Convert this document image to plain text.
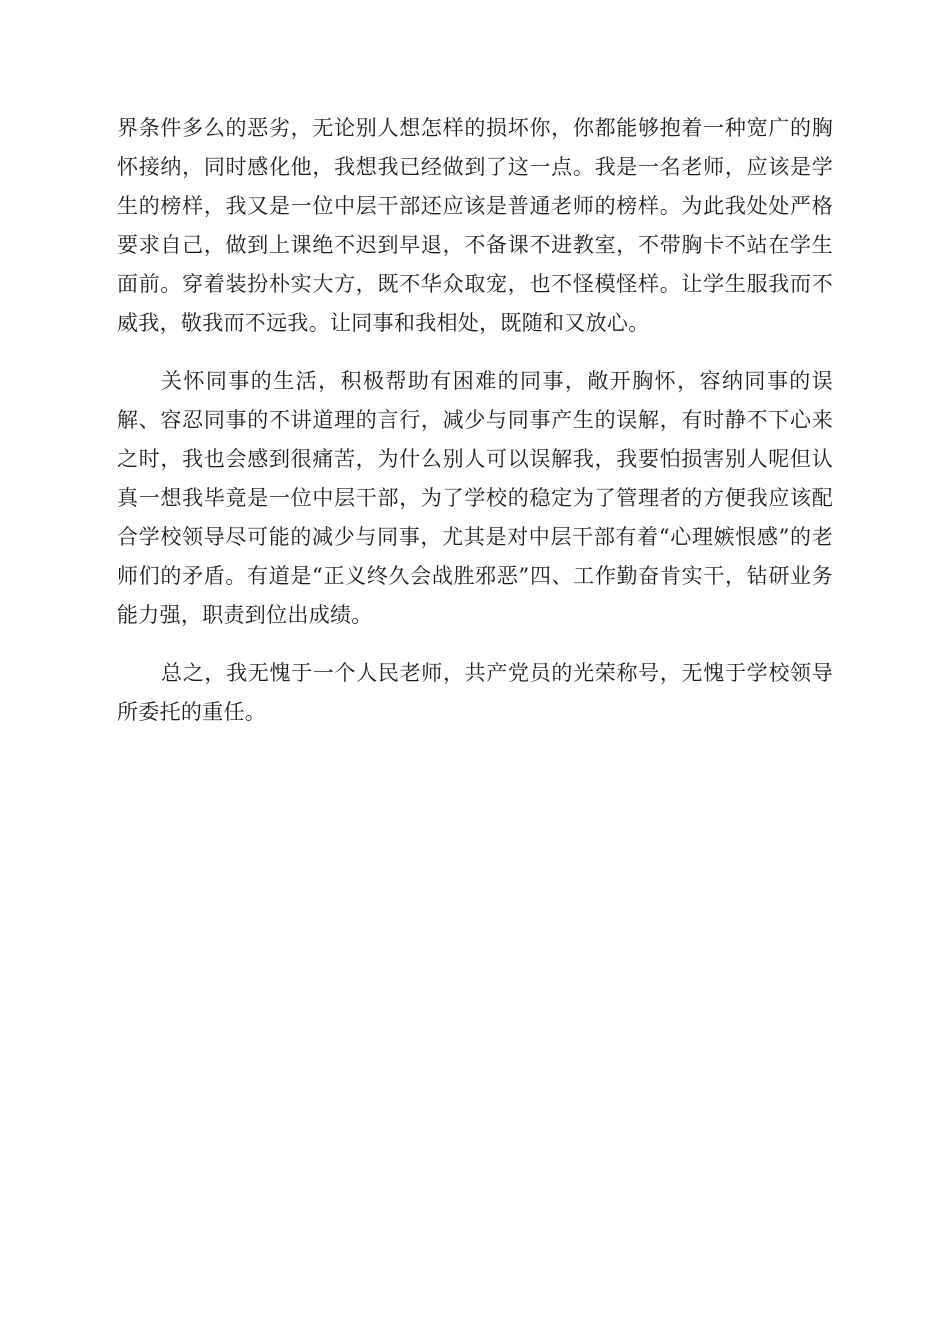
界条件多么的恶劣，无论别人想怎样的损坏你，你都能够抱着一种宽广的胸怀接纳，同时感化他，我想我已经做到了这一点。我是一名老师，应该是学生的榜样，我又是一位中层干部还应该是普通老师的榜样。为此我处处严格要求自己，做到上课绝不迟到早退，不备课不进教室，不带胸卡不站在学生面前。穿着装扮朴实大方，既不华众取宠，也不怪模怪样。让学生服我而不威我，敬我而不远我。让同事和我相处，既随和又放心。

关怀同事的生活，积极帮助有困难的同事，敞开胸怀，容纳同事的误解、容忍同事的不讲道理的言行，减少与同事产生的误解，有时静不下心来之时，我也会感到很痛苦，为什么别人可以误解我，我要怕损害别人呢但认真一想我毕竟是一位中层干部，为了学校的稳定为了管理者的方便我应该配合学校领导尽可能的减少与同事，尤其是对中层干部有着“心理嫉恨感”的老师们的矛盾。有道是“正义终久会战胜邪恶”四、工作勤奋肯实干，钻研业务能力强，职责到位出成绩。

总之，我无愧于一个人民老师，共产党员的光荣称号，无愧于学校领导所委托的重任。
